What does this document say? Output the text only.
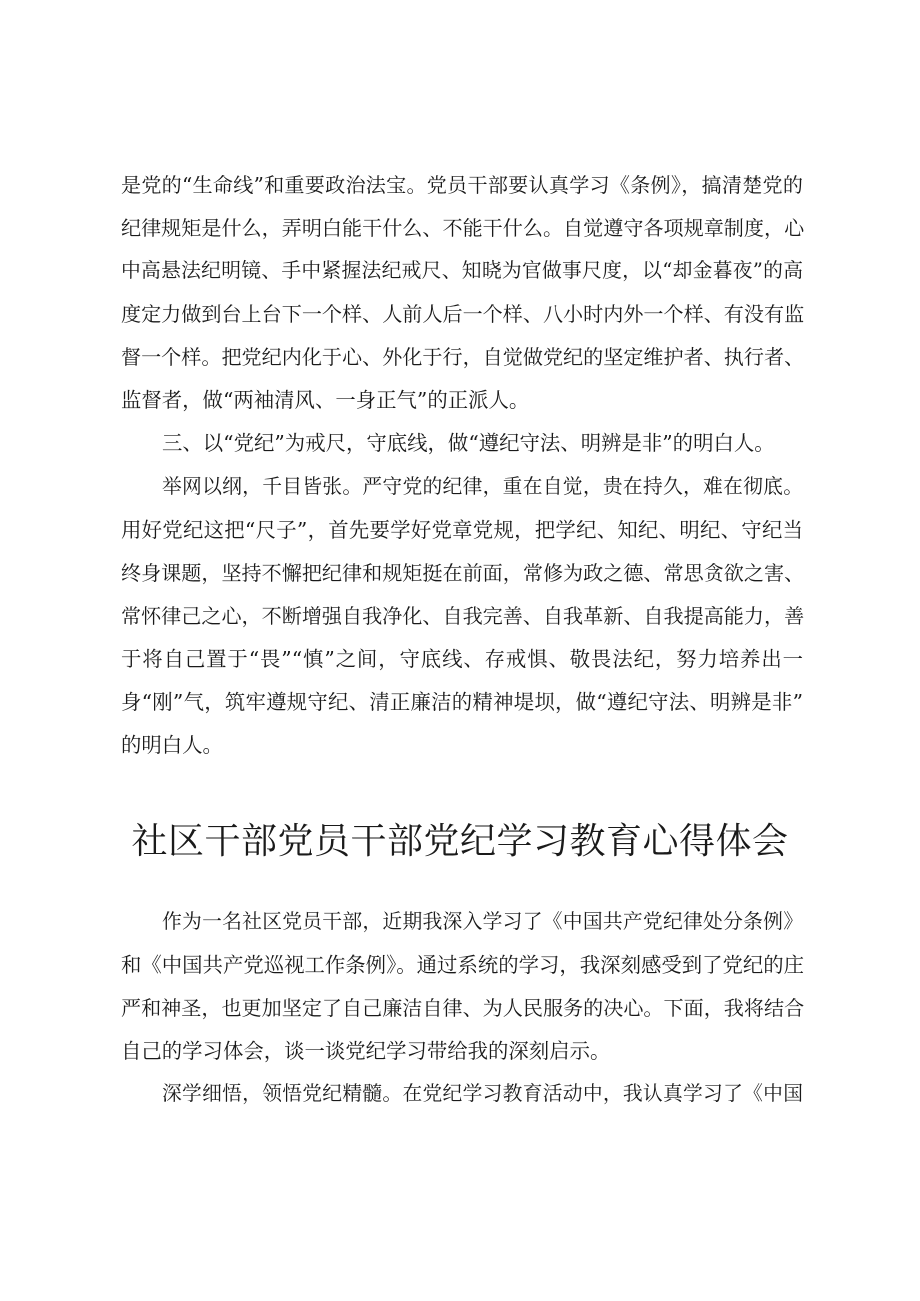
是党的“生命线”和重要政治法宝。党员干部要认真学习《条例》，搞清楚党的
纪律规矩是什么，弄明白能干什么、不能干什么。自觉遵守各项规章制度，心
中高悬法纪明镜、手中紧握法纪戒尺、知晓为官做事尺度，以“却金暮夜”的高
度定力做到台上台下一个样、人前人后一个样、八小时内外一个样、有没有监
督一个样。把党纪内化于心、外化于行，自觉做党纪的坚定维护者、执行者、
监督者，做“两袖清风、一身正气”的正派人。
三、以“党纪”为戒尺，守底线，做“遵纪守法、明辨是非”的明白人。
举网以纲，千目皆张。严守党的纪律，重在自觉，贵在持久，难在彻底。
用好党纪这把“尺子”，首先要学好党章党规，把学纪、知纪、明纪、守纪当
终身课题，坚持不懈把纪律和规矩挺在前面，常修为政之德、常思贪欲之害、
常怀律己之心，不断增强自我净化、自我完善、自我革新、自我提高能力，善
于将自己置于“畏”“慎”之间，守底线、存戒惧、敬畏法纪，努力培养出一
身“刚”气，筑牢遵规守纪、清正廉洁的精神堤坝，做“遵纪守法、明辨是非”
的明白人。
社区干部党员干部党纪学习教育心得体会
作为一名社区党员干部，近期我深入学习了《中国共产党纪律处分条例》
和《中国共产党巡视工作条例》。通过系统的学习，我深刻感受到了党纪的庄
严和神圣，也更加坚定了自己廉洁自律、为人民服务的决心。下面，我将结合
自己的学习体会，谈一谈党纪学习带给我的深刻启示。
深学细悟，领悟党纪精髓。在党纪学习教育活动中，我认真学习了《中国
